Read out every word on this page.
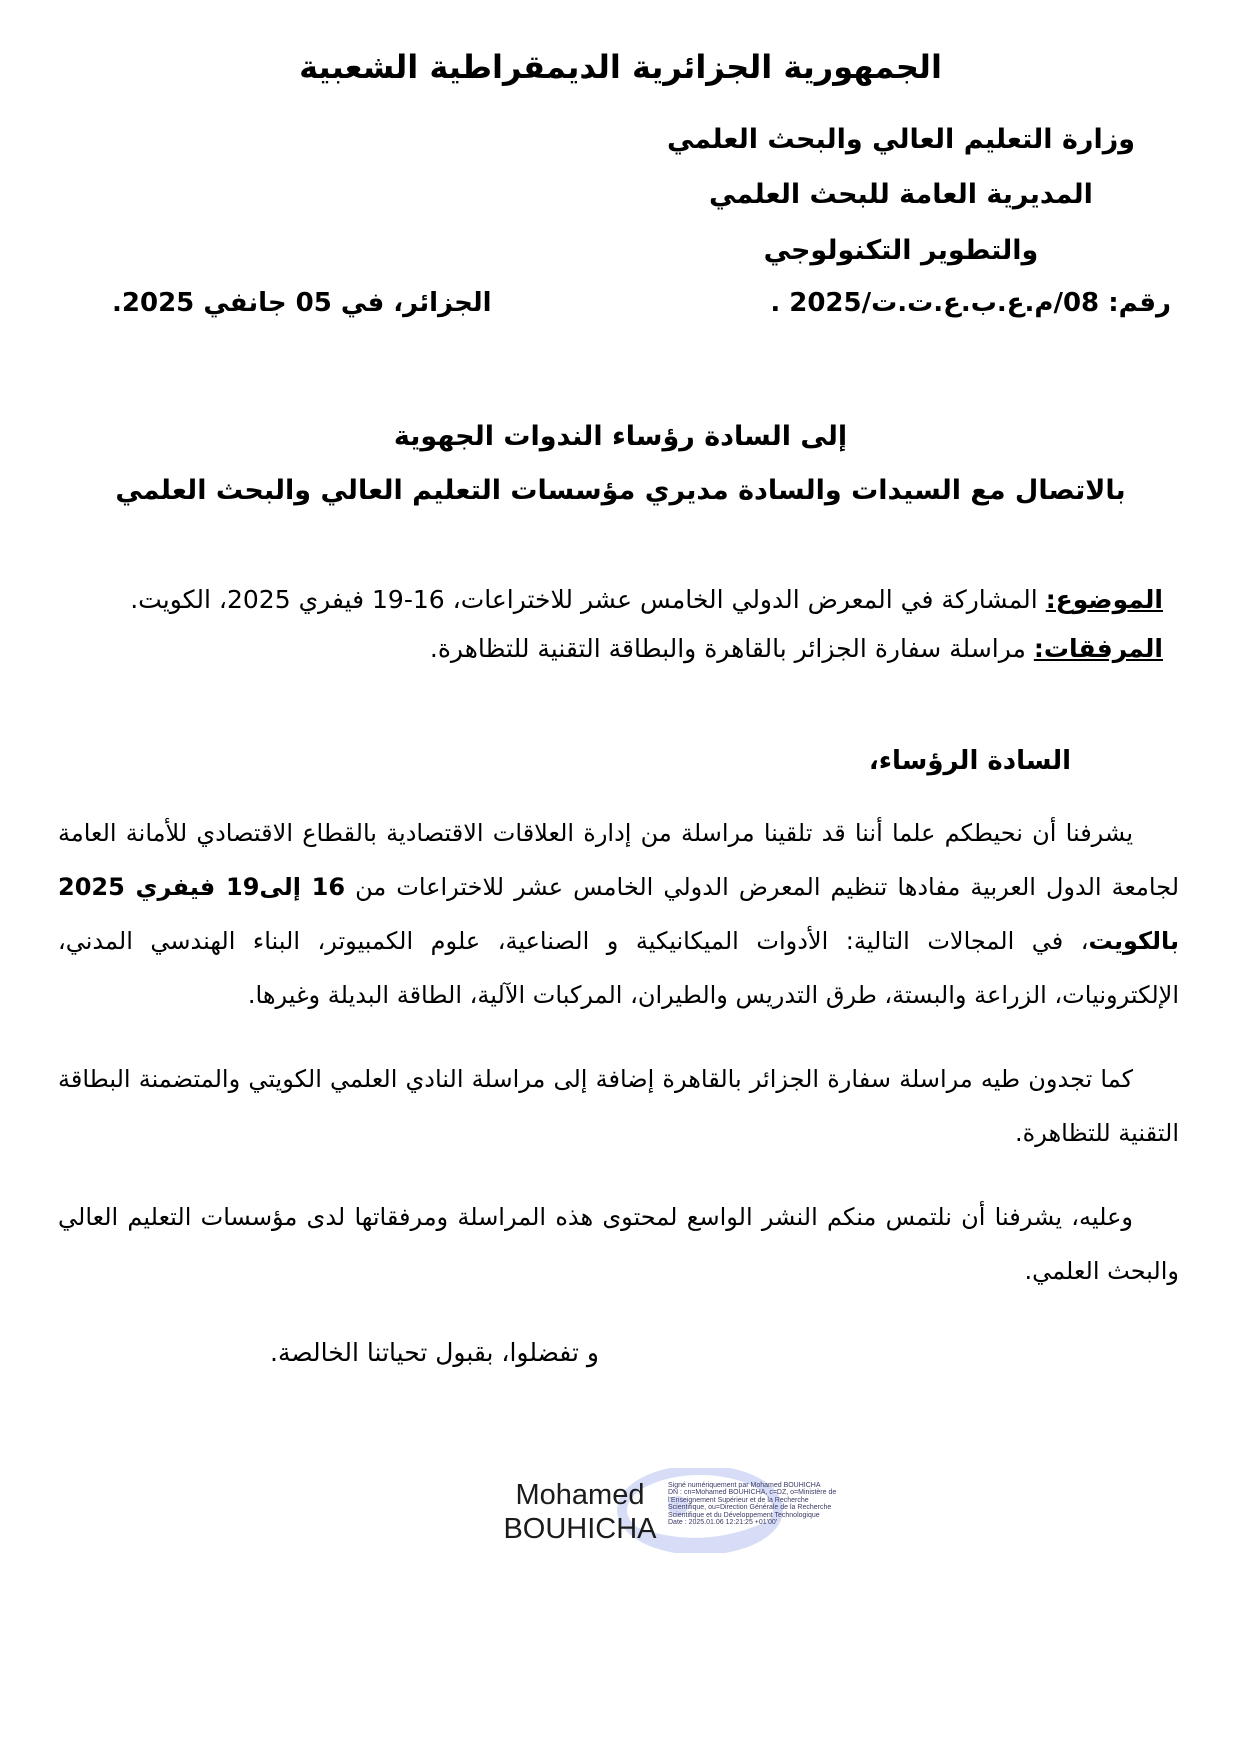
الجمهورية الجزائرية الديمقراطية الشعبية
وزارة التعليم العالي والبحث العلمي
المديرية العامة للبحث العلمي
والتطوير التكنولوجي
رقم: 08/م.ع.ب.ع.ت.ت/2025 .
الجزائر، في 05 جانفي 2025.
إلى السادة رؤساء الندوات الجهوية
بالاتصال مع السيدات والسادة مديري مؤسسات التعليم العالي والبحث العلمي
الموضوع: المشاركة في المعرض الدولي الخامس عشر للاختراعات، 16-19 فيفري 2025، الكويت.
المرفقات: مراسلة سفارة الجزائر بالقاهرة والبطاقة التقنية للتظاهرة.
السادة الرؤساء،

يشرفنا أن نحيطكم علما أننا قد تلقينا مراسلة من إدارة العلاقات الاقتصادية بالقطاع الاقتصادي للأمانة العامة لجامعة الدول العربية مفادها تنظيم المعرض الدولي الخامس عشر للاختراعات من 16 إلى19 فيفري 2025 بالكويت، في المجالات التالية: الأدوات الميكانيكية و الصناعية، علوم الكمبيوتر، البناء الهندسي المدني، الإلكترونيات، الزراعة والبستة، طرق التدريس والطيران، المركبات الآلية، الطاقة البديلة وغيرها.

كما تجدون طيه مراسلة سفارة الجزائر بالقاهرة إضافة إلى مراسلة النادي العلمي الكويتي والمتضمنة البطاقة التقنية للتظاهرة.

وعليه، يشرفنا أن نلتمس منكم النشر الواسع لمحتوى هذه المراسلة ومرفقاتها لدى مؤسسات التعليم العالي والبحث العلمي.

و تفضلوا، بقبول تحياتنا الخالصة.
Mohamed
BOUHICHA
Signé numériquement par Mohamed BOUHICHA
DN : cn=Mohamed BOUHICHA, c=DZ, o=Ministère de
l'Enseignement Supérieur et de la Recherche
Scientifique, ou=Direction Générale de la Recherche
Scientifique et du Développement Technologique
Date : 2025.01.06 12:21:25 +01'00'
